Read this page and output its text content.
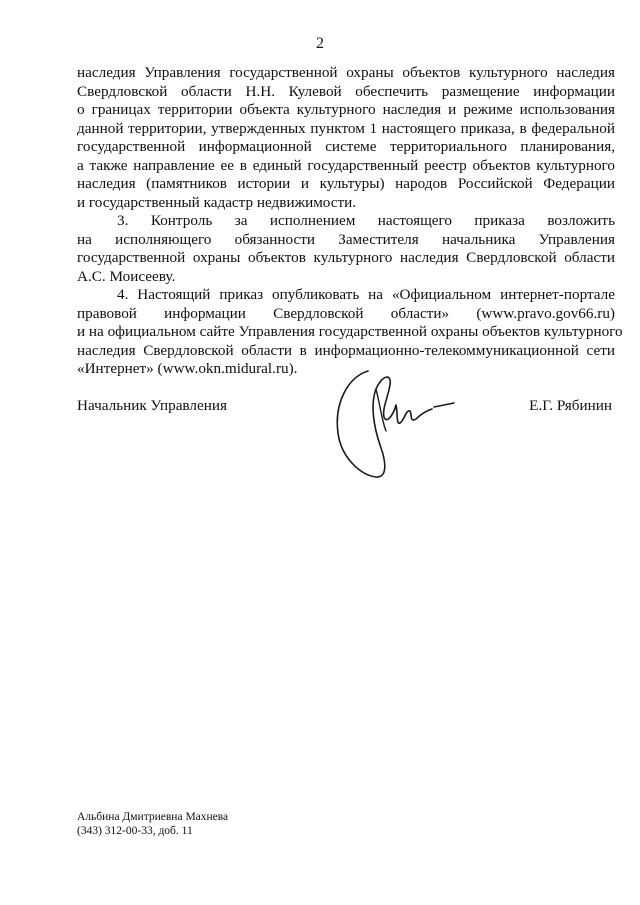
2
наследия Управления государственной охраны объектов культурного наследия
Свердловской области Н.Н. Кулевой обеспечить размещение информации
о границах территории объекта культурного наследия и режиме использования
данной территории, утвержденных пунктом 1 настоящего приказа, в федеральной
государственной информационной системе территориального планирования,
а также направление ее в единый государственный реестр объектов культурного
наследия (памятников истории и культуры) народов Российской Федерации
и государственный кадастр недвижимости.
3. Контроль за исполнением настоящего приказа возложить
на исполняющего обязанности Заместителя начальника Управления
государственной охраны объектов культурного наследия Свердловской области
А.С. Моисееву.
4. Настоящий приказ опубликовать на «Официальном интернет-портале
правовой информации Свердловской области» (www.pravo.gov66.ru)
и на официальном сайте Управления государственной охраны объектов культурного
наследия Свердловской области в информационно-телекоммуникационной сети
«Интернет» (www.okn.midural.ru).
Начальник Управления	Е.Г. Рябинин
Альбина Дмитриевна Махнева
(343) 312-00-33, доб. 11
